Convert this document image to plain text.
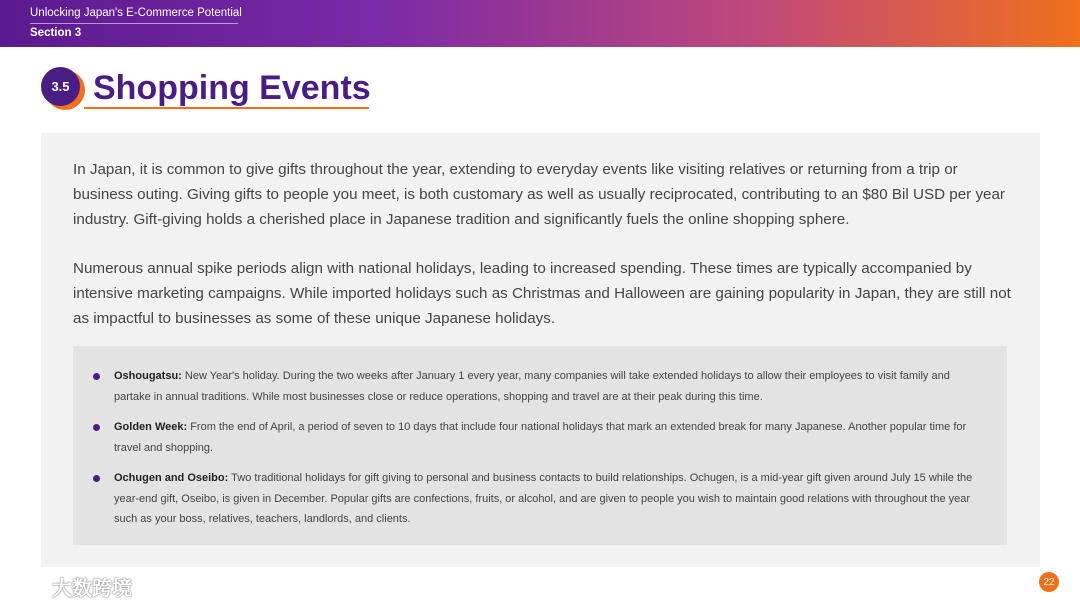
Unlocking Japan's E-Commerce Potential
Section 3
3.5 Shopping Events

In Japan, it is common to give gifts throughout the year, extending to everyday events like visiting relatives or returning from a trip or business outing. Giving gifts to people you meet, is both customary as well as usually reciprocated, contributing to an $80 Bil USD per year industry. Gift-giving holds a cherished place in Japanese tradition and significantly fuels the online shopping sphere.

Numerous annual spike periods align with national holidays, leading to increased spending. These times are typically accompanied by intensive marketing campaigns. While imported holidays such as Christmas and Halloween are gaining popularity in Japan, they are still not as impactful to businesses as some of these unique Japanese holidays.

Oshougatsu: New Year's holiday. During the two weeks after January 1 every year, many companies will take extended holidays to allow their employees to visit family and partake in annual traditions. While most businesses close or reduce operations, shopping and travel are at their peak during this time.
Golden Week: From the end of April, a period of seven to 10 days that include four national holidays that mark an extended break for many Japanese. Another popular time for travel and shopping.
Ochugen and Oseibo: Two traditional holidays for gift giving to personal and business contacts to build relationships. Ochugen, is a mid-year gift given around July 15 while the year-end gift, Oseibo, is given in December. Popular gifts are confections, fruits, or alcohol, and are given to people you wish to maintain good relations with throughout the year such as your boss, relatives, teachers, landlords, and clients.
大数跨境	22
